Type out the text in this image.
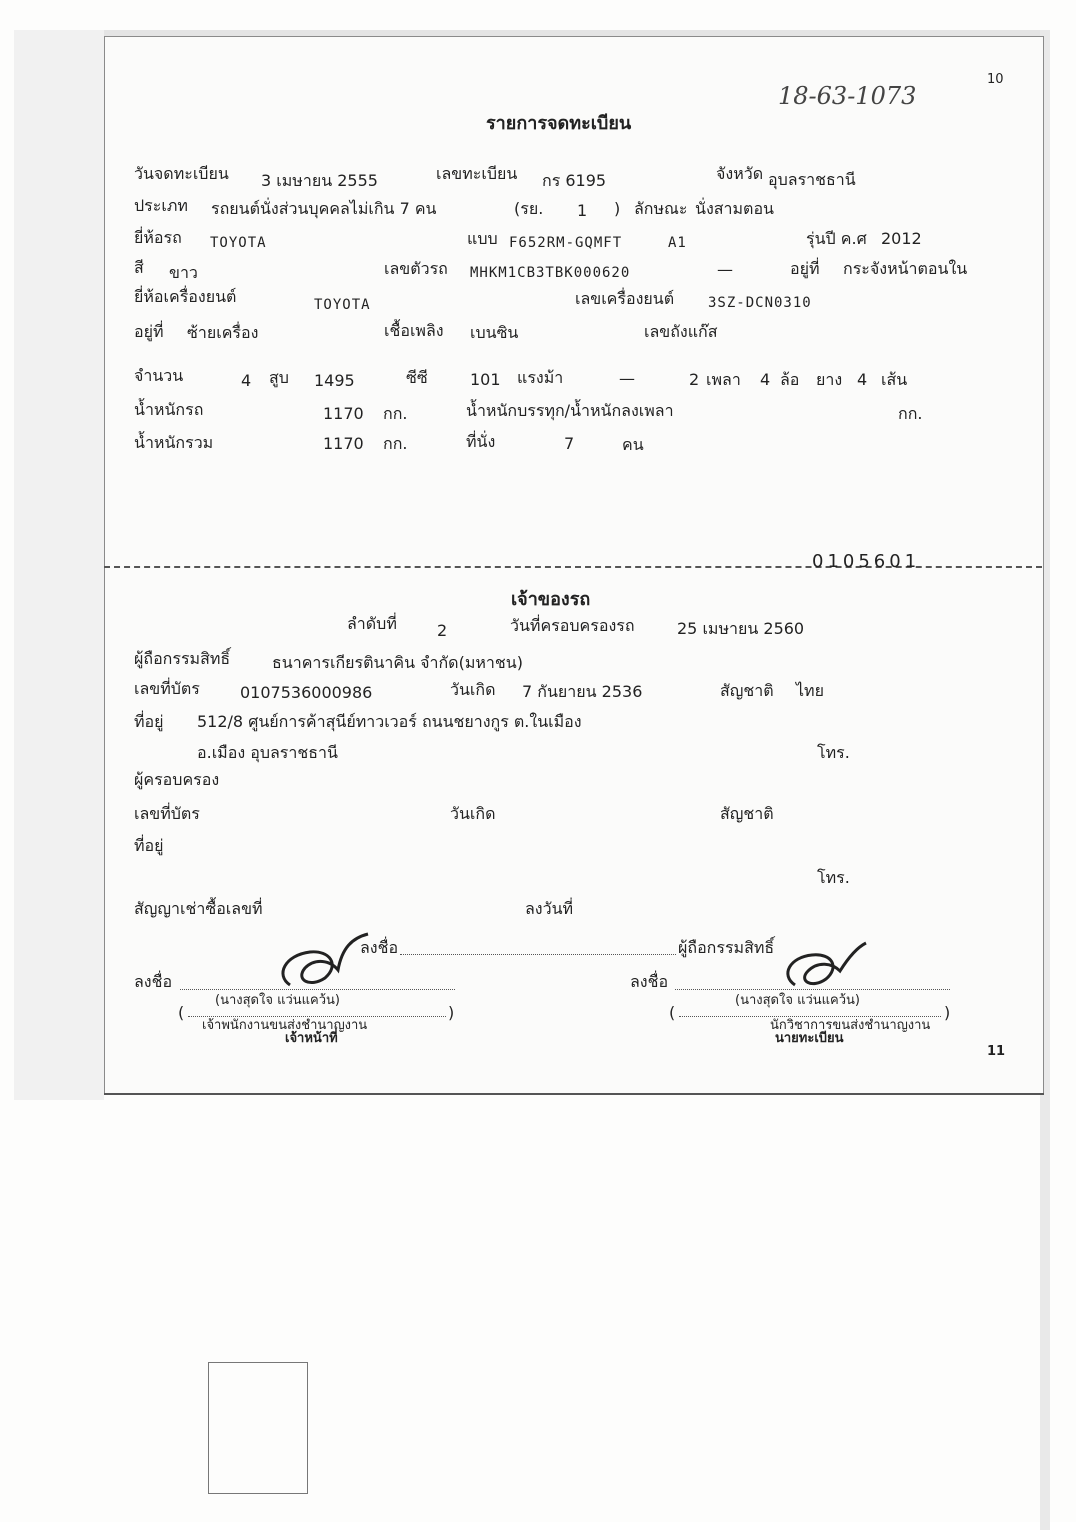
10
11
18-63-1073
รายการจดทะเบียน
วันจดทะเบียน 3 เมษายน 2555	เลขทะเบียน กร 6195	จังหวัด อุบลราชธานี
ประเภท รถยนต์นั่งส่วนบุคคลไม่เกิน 7 คน	(รย. 1 ) ลักษณะ นั่งสามตอน
ยี่ห้อรถ TOYOTA	แบบ F652RM-GQMFT	A1	รุ่นปี ค.ศ 2012
สี ขาว	เลขตัวรถ MHKM1CB3TBK000620	—	อยู่ที่ กระจังหน้าตอนใน
ยี่ห้อเครื่องยนต์	TOYOTA	เลขเครื่องยนต์ 3SZ-DCN0310
อยู่ที่ ซ้ายเครื่อง	เชื้อเพลิง เบนซิน	เลขถังแก๊ส
จำนวน	4 สูบ 1495	ซีซี	101 แรงม้า	—	2 เพลา 4 ล้อ ยาง 4 เส้น
น้ำหนักรถ	1170 กก.	น้ำหนักบรรทุก/น้ำหนักลงเพลา	กก.
น้ำหนักรวม	1170 กก.	ที่นั่ง	7	คน
0105601
เจ้าของรถ
ลำดับที่	2	วันที่ครอบครองรถ	25 เมษายน 2560
ผู้ถือกรรมสิทธิ์	ธนาคารเกียรตินาคิน จำกัด(มหาชน)
เลขที่บัตร	0107536000986	วันเกิด 7 กันยายน 2536	สัญชาติ ไทย
ที่อยู่ 512/8 ศูนย์การค้าสุนีย์ทาวเวอร์ ถนนชยางกูร ต.ในเมือง
อ.เมือง อุบลราชธานี	โทร.
ผู้ครอบครอง
เลขที่บัตร	วันเกิด	สัญชาติ
ที่อยู่
โทร.
สัญญาเช่าซื้อเลขที่	ลงวันที่
ลงชื่อ	ผู้ถือกรรมสิทธิ์
ลงชื่อ	ลงชื่อ
(นางสุดใจ แว่นแคว้น)
(	)
เจ้าพนักงานขนส่งชำนาญงาน
เจ้าหน้าที่
(นางสุดใจ แว่นแคว้น)
(	)
นักวิชาการขนส่งชำนาญงาน
นายทะเบียน
